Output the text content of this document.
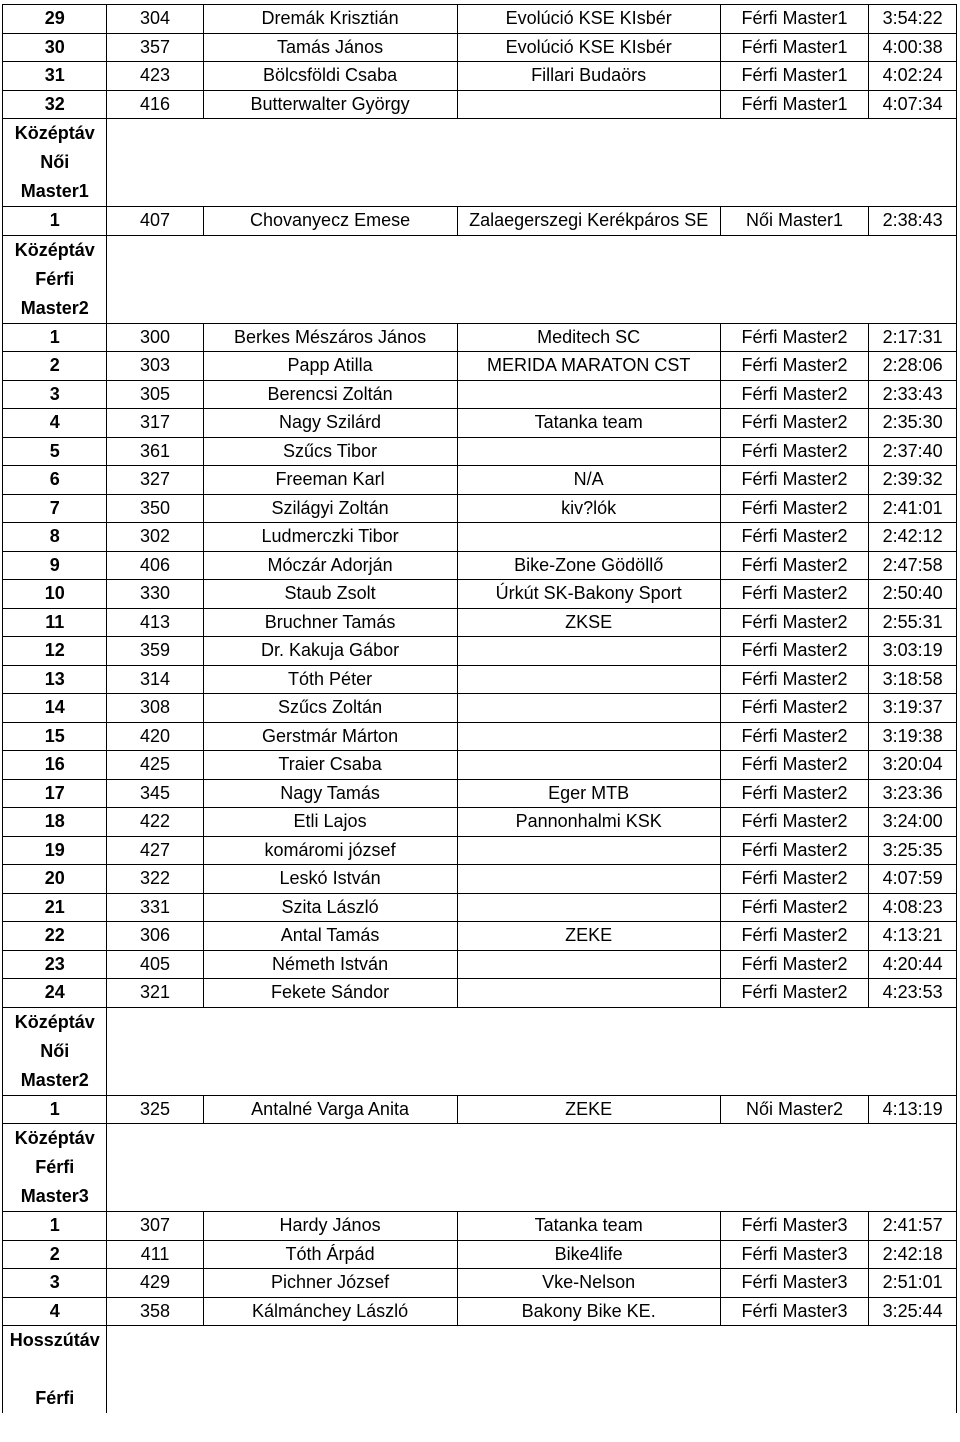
29	304	Dremák Krisztián	Evolúció KSE KIsbér	Férfi Master1	3:54:22
30	357	Tamás János	Evolúció KSE KIsbér	Férfi Master1	4:00:38
31	423	Bölcsföldi Csaba	Fillari Budaörs	Férfi Master1	4:02:24
32	416	Butterwalter György		Férfi Master1	4:07:34

Középtáv
Női
Master1					

1	407	Chovanyecz Emese	Zalaegerszegi Kerékpáros SE	Női Master1	2:38:43

Középtáv
Férfi
Master2					

1	300	Berkes Mészáros János	Meditech SC	Férfi Master2	2:17:31
2	303	Papp Atilla	MERIDA MARATON CST	Férfi Master2	2:28:06
3	305	Berencsi Zoltán		Férfi Master2	2:33:43
4	317	Nagy Szilárd	Tatanka team	Férfi Master2	2:35:30
5	361	Szűcs Tibor		Férfi Master2	2:37:40
6	327	Freeman Karl	N/A	Férfi Master2	2:39:32
7	350	Szilágyi Zoltán	kiv?lók	Férfi Master2	2:41:01
8	302	Ludmerczki Tibor		Férfi Master2	2:42:12
9	406	Móczár Adorján	Bike-Zone Gödöllő	Férfi Master2	2:47:58
10	330	Staub Zsolt	Úrkút SK-Bakony Sport	Férfi Master2	2:50:40
11	413	Bruchner Tamás	ZKSE	Férfi Master2	2:55:31
12	359	Dr. Kakuja Gábor		Férfi Master2	3:03:19
13	314	Tóth Péter		Férfi Master2	3:18:58
14	308	Szűcs Zoltán		Férfi Master2	3:19:37
15	420	Gerstmár Márton		Férfi Master2	3:19:38
16	425	Traier Csaba		Férfi Master2	3:20:04
17	345	Nagy Tamás	Eger MTB	Férfi Master2	3:23:36
18	422	Etli Lajos	Pannonhalmi KSK	Férfi Master2	3:24:00
19	427	komáromi józsef		Férfi Master2	3:25:35
20	322	Leskó István		Férfi Master2	4:07:59
21	331	Szita László		Férfi Master2	4:08:23
22	306	Antal Tamás	ZEKE	Férfi Master2	4:13:21
23	405	Németh István		Férfi Master2	4:20:44
24	321	Fekete Sándor		Férfi Master2	4:23:53

Középtáv
Női
Master2					

1	325	Antalné Varga Anita	ZEKE	Női Master2	4:13:19

Középtáv
Férfi
Master3					

1	307	Hardy János	Tatanka team	Férfi Master3	2:41:57
2	411	Tóth Árpád	Bike4life	Férfi Master3	2:42:18
3	429	Pichner József	Vke-Nelson	Férfi Master3	2:51:01
4	358	Kálmánchey László	Bakony Bike KE.	Férfi Master3	3:25:44

Hosszútáv
Férfi					
